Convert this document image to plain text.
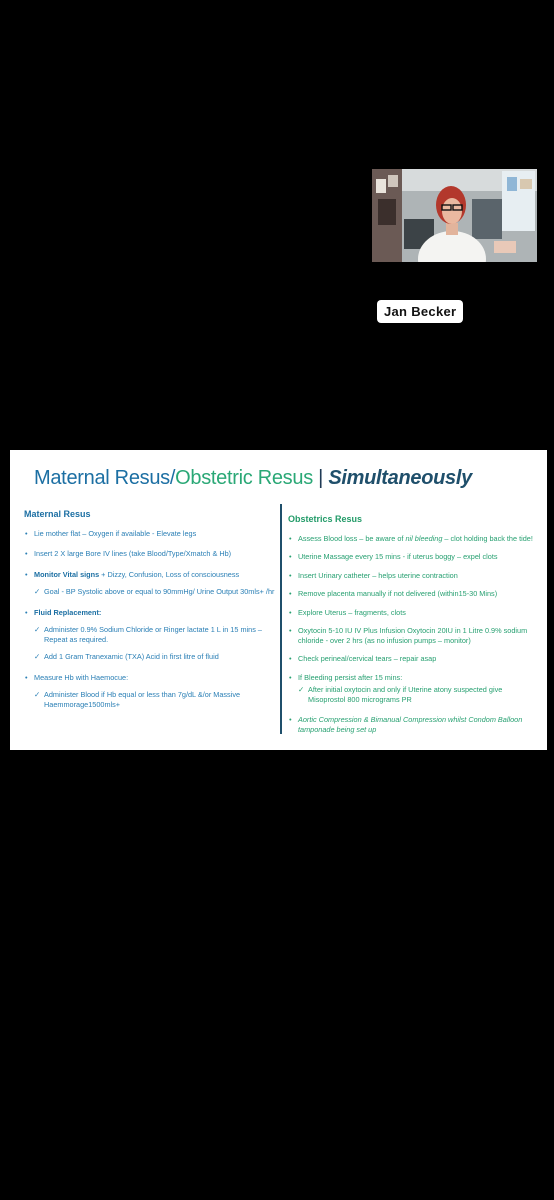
Jan Becker
Maternal Resus/Obstetric Resus | Simultaneously
Maternal Resus
• Lie mother flat – Oxygen if available - Elevate legs
• Insert 2 X large Bore IV lines (take Blood/Type/Xmatch & Hb)
• Monitor Vital signs + Dizzy, Confusion, Loss of consciousness
✓ Goal - BP Systolic above or equal to 90mmHg/ Urine Output 30mls+ /hr
• Fluid Replacement:
✓ Administer 0.9% Sodium Chloride or Ringer lactate 1 L in 15 mins – Repeat as required.
✓ Add 1 Gram Tranexamic (TXA) Acid in first litre of fluid
• Measure Hb with Haemocue:
✓ Administer Blood if Hb equal or less than 7g/dL &/or Massive Haemmorage1500mls+
Obstetrics Resus
• Assess Blood loss – be aware of nil bleeding – clot holding back the tide!
• Uterine Massage every 15 mins - if uterus boggy – expel clots
• Insert Urinary catheter – helps uterine contraction
• Remove placenta manually if not delivered (within15-30 Mins)
• Explore Uterus – fragments, clots
• Oxytocin 5-10 IU IV Plus Infusion Oxytocin 20IU in 1 Litre 0.9% sodium chloride - over 2 hrs (as no infusion pumps – monitor)
• Check perineal/cervical tears – repair asap
• If Bleeding persist after 15 mins:
✓ After initial oxytocin and only if Uterine atony suspected give Misoprostol 800 micrograms PR
• Aortic Compression & Bimanual Compression whilst Condom Balloon tamponade being set up
